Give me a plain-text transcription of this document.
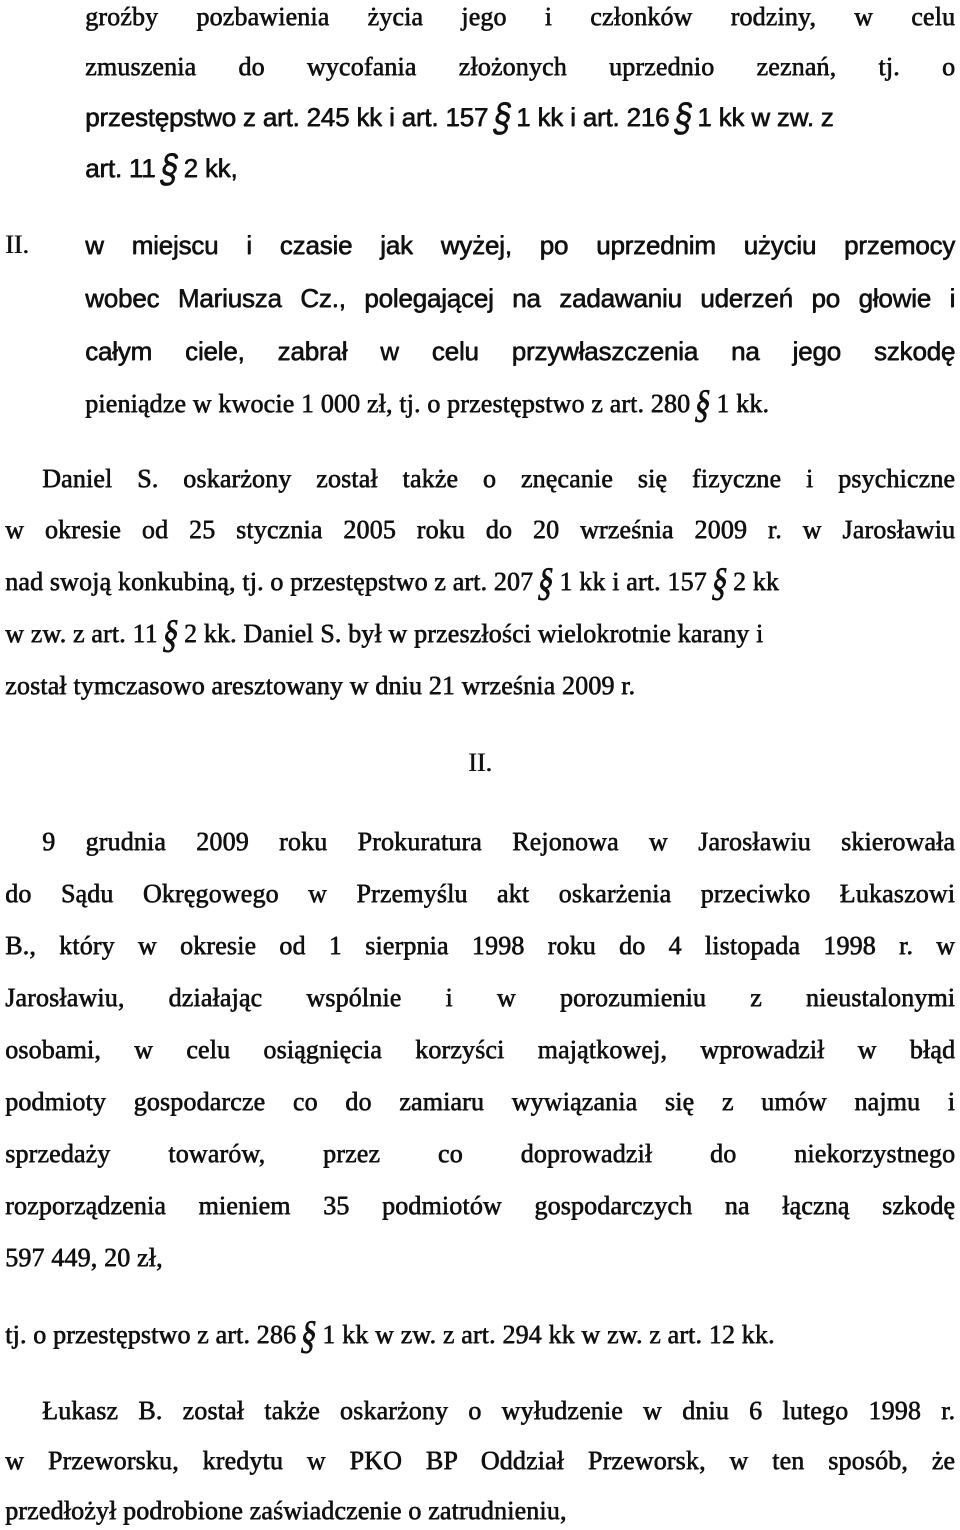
groźby pozbawienia życia jego i członków rodziny, w celu
zmuszenia do wycofania złożonych uprzednio zeznań, tj. o
przestępstwo z art. 245 kk i art. 157§1 kk i art. 216§1 kk w zw. z
art. 11§2 kk,
II. w miejscu i czasie jak wyżej, po uprzednim użyciu przemocy
wobec Mariusza Cz., polegającej na zadawaniu uderzeń po głowie i
całym ciele, zabrał w celu przywłaszczenia na jego szkodę
pieniądze w kwocie 1 000 zł, tj. o przestępstwo z art. 280§1 kk.
Daniel S. oskarżony został także o znęcanie się fizyczne i psychiczne
w okresie od 25 stycznia 2005 roku do 20 września 2009 r. w Jarosławiu
nad swoją konkubiną, tj. o przestępstwo z art. 207§1 kk i art. 157§2 kk
w zw. z art. 11§2 kk. Daniel S. był w przeszłości wielokrotnie karany i
został tymczasowo aresztowany w dniu 21 września 2009 r.
II.
9 grudnia 2009 roku Prokuratura Rejonowa w Jarosławiu skierowała
do Sądu Okręgowego w Przemyślu akt oskarżenia przeciwko Łukaszowi
B., który w okresie od 1 sierpnia 1998 roku do 4 listopada 1998 r. w
Jarosławiu, działając wspólnie i w porozumieniu z nieustalonymi
osobami, w celu osiągnięcia korzyści majątkowej, wprowadził w błąd
podmioty gospodarcze co do zamiaru wywiązania się z umów najmu i
sprzedaży towarów, przez co doprowadził do niekorzystnego
rozporządzenia mieniem 35 podmiotów gospodarczych na łączną szkodę
597 449, 20 zł,
tj. o przestępstwo z art. 286§1 kk w zw. z art. 294 kk w zw. z art. 12 kk.
Łukasz B. został także oskarżony o wyłudzenie w dniu 6 lutego 1998 r.
w Przeworsku, kredytu w PKO BP Oddział Przeworsk, w ten sposób, że
przedłożył podrobione zaświadczenie o zatrudnieniu,
